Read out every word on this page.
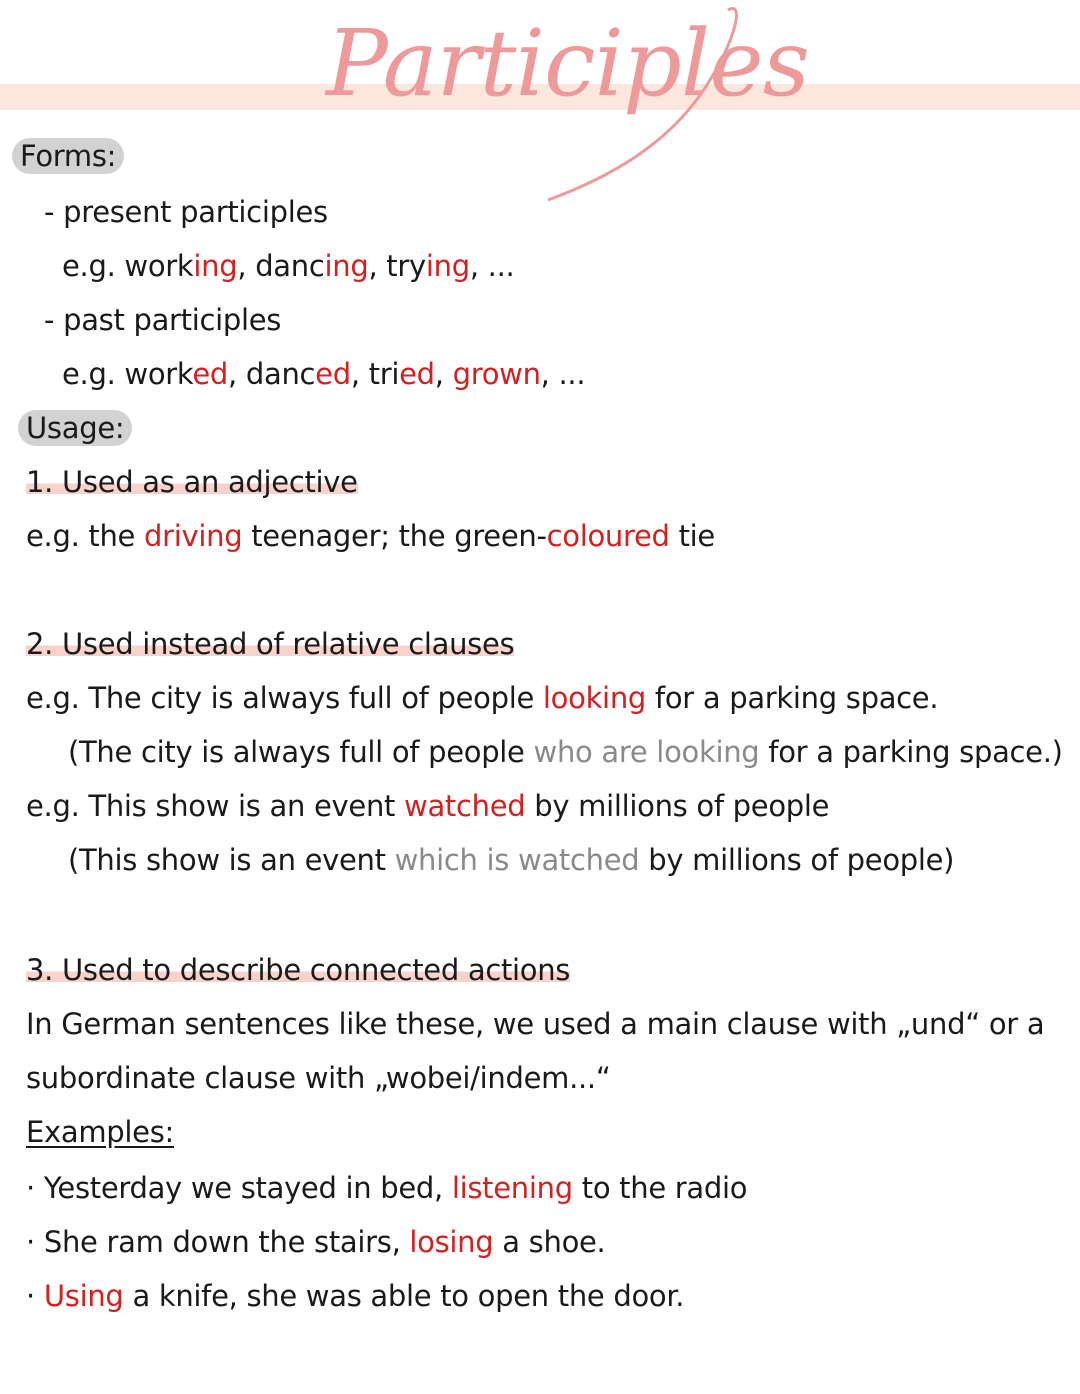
Participles
Forms:
- present participles
e.g. working, dancing, trying, ...
- past participles
e.g. worked, danced, tried, grown, ...
Usage:
1. Used as an adjective
e.g. the driving teenager; the green-coloured tie
2. Used instead of relative clauses
e.g. The city is always full of people looking for a parking space.
(The city is always full of people who are looking for a parking space.)
e.g. This show is an event watched by millions of people
(This show is an event which is watched by millions of people)
3. Used to describe connected actions
In German sentences like these, we used a main clause with „und“ or a
subordinate clause with „wobei/indem...“
Examples:
· Yesterday we stayed in bed, listening to the radio
· She ram down the stairs, losing a shoe.
· Using a knife, she was able to open the door.
